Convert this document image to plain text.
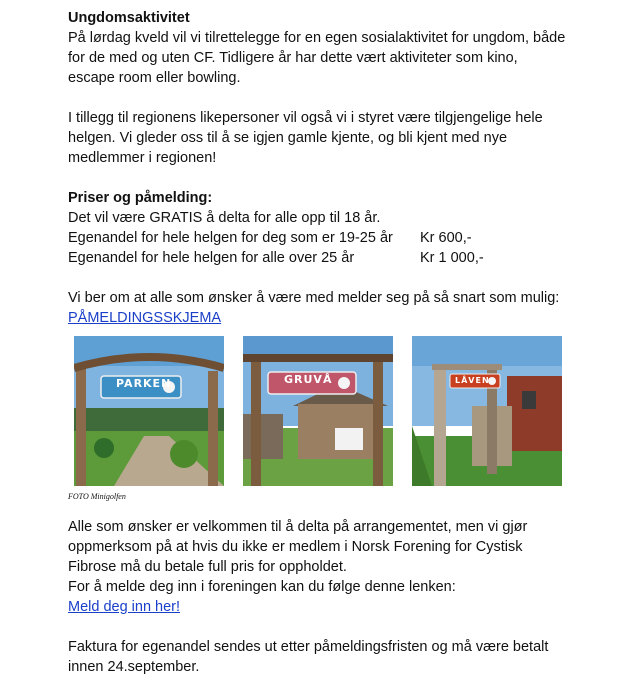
Ungdomsaktivitet
På lørdag kveld vil vi tilrettelegge for en egen sosialaktivitet for ungdom, både for de med og uten CF. Tidligere år har dette vært aktiviteter som kino, escape room eller bowling.
I tillegg til regionens likepersoner vil også vi i styret være tilgjengelige hele helgen. Vi gleder oss til å se igjen gamle kjente, og bli kjent med nye medlemmer i regionen!
Priser og påmelding:
Det vil være GRATIS å delta for alle opp til 18 år.
Egenandel for hele helgen for deg som er 19-25 år	Kr 600,-
Egenandel for hele helgen for alle over 25 år	Kr 1 000,-
Vi ber om at alle som ønsker å være med melder seg på så snart som mulig:
PÅMELDINGSSKJEMA
PARKEN	GRUVÅ	LÅVEN
FOTO Minigolfen
Alle som ønsker er velkommen til å delta på arrangementet, men vi gjør oppmerksom på at hvis du ikke er medlem i Norsk Forening for Cystisk Fibrose må du betale full pris for oppholdet.
For å melde deg inn i foreningen kan du følge denne lenken:
Meld deg inn her!
Faktura for egenandel sendes ut etter påmeldingsfristen og må være betalt innen 24.september.
